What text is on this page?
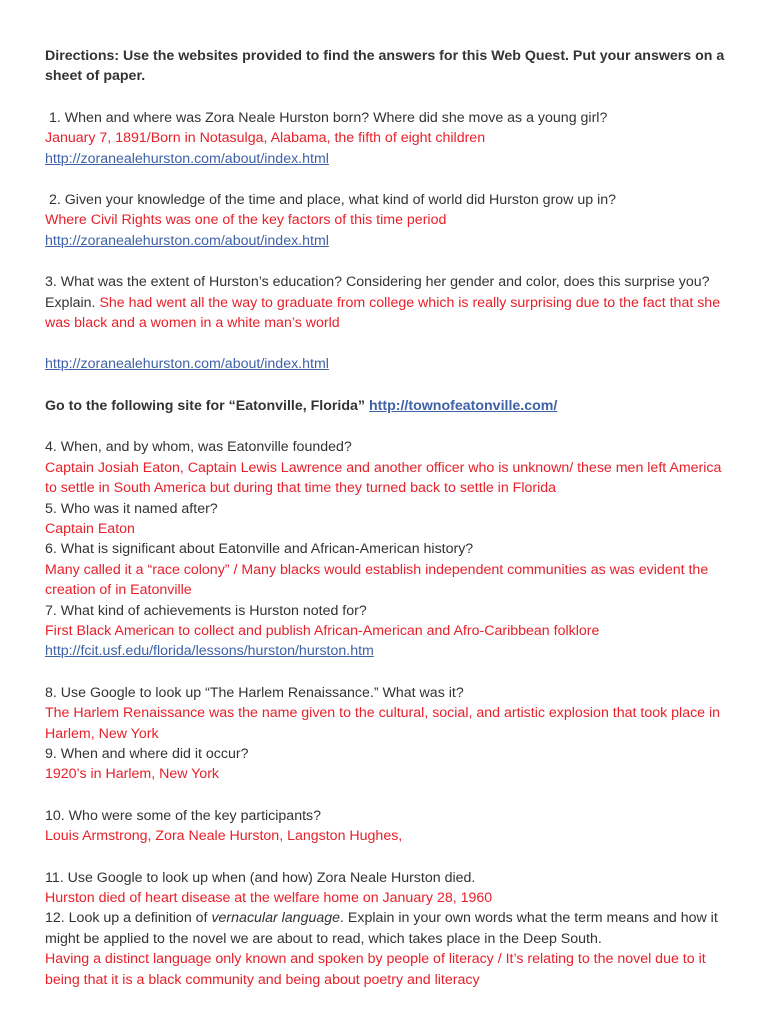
Directions: Use the websites provided to find the answers for this Web Quest. Put your answers on a sheet of paper.

1. When and where was Zora Neale Hurston born? Where did she move as a young girl?

January 7, 1891/Born in Notasulga, Alabama, the fifth of eight children

http://zoranealehurston.com/about/index.html

2. Given your knowledge of the time and place, what kind of world did Hurston grow up in?

Where Civil Rights was one of the key factors of this time period

http://zoranealehurston.com/about/index.html

3. What was the extent of Hurston’s education? Considering her gender and color, does this surprise you? Explain. She had went all the way to graduate from college which is really surprising due to the fact that she was black and a women in a white man’s world

http://zoranealehurston.com/about/index.html

Go to the following site for “Eatonville, Florida” http://townofeatonville.com/

4. When, and by whom, was Eatonville founded?

Captain Josiah Eaton, Captain Lewis Lawrence and another officer who is unknown/ these men left America to settle in South America but during that time they turned back to settle in Florida

5. Who was it named after?

Captain Eaton

6. What is significant about Eatonville and African-American history?

Many called it a “race colony” / Many blacks would establish independent communities as was evident the creation of in Eatonville

7. What kind of achievements is Hurston noted for?

First Black American to collect and publish African-American and Afro-Caribbean folklore

http://fcit.usf.edu/florida/lessons/hurston/hurston.htm

8. Use Google to look up “The Harlem Renaissance.” What was it?

The Harlem Renaissance was the name given to the cultural, social, and artistic explosion that took place in Harlem, New York

9. When and where did it occur?

1920’s in Harlem, New York

10. Who were some of the key participants?

Louis Armstrong, Zora Neale Hurston, Langston Hughes,

11. Use Google to look up when (and how) Zora Neale Hurston died.

Hurston died of heart disease at the welfare home on January 28, 1960

12. Look up a definition of vernacular language. Explain in your own words what the term means and how it might be applied to the novel we are about to read, which takes place in the Deep South.

Having a distinct language only known and spoken by people of literacy / It’s relating to the novel due to it being that it is a black community and being about poetry and literacy
